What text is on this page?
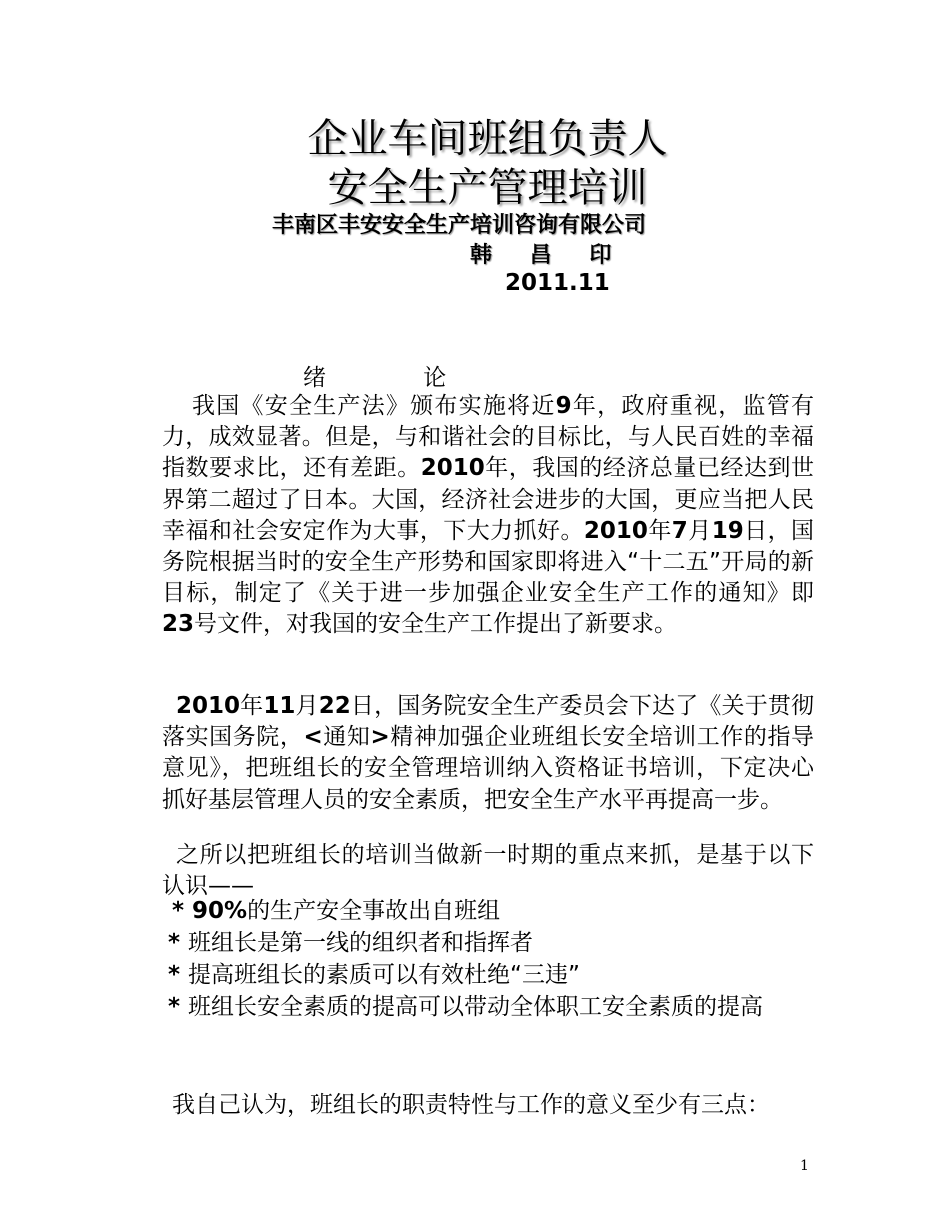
企业车间班组负责人
安全生产管理培训
丰南区丰安安全生产培训咨询有限公司
韩 昌 印
2011.11
绪 论
我国《安全生产法》颁布实施将近9年，政府重视，监管有力，成效显著。但是，与和谐社会的目标比，与人民百姓的幸福指数要求比，还有差距。2010年，我国的经济总量已经达到世界第二超过了日本。大国，经济社会进步的大国，更应当把人民幸福和社会安定作为大事，下大力抓好。2010年7月19日，国务院根据当时的安全生产形势和国家即将进入“十二五”开局的新目标，制定了《关于进一步加强企业安全生产工作的通知》即23号文件，对我国的安全生产工作提出了新要求。
2010年11月22日，国务院安全生产委员会下达了《关于贯彻落实国务院，<通知>精神加强企业班组长安全培训工作的指导意见》，把班组长的安全管理培训纳入资格证书培训，下定决心抓好基层管理人员的安全素质，把安全生产水平再提高一步。
之所以把班组长的培训当做新一时期的重点来抓，是基于以下认识——
* 90%的生产安全事故出自班组
* 班组长是第一线的组织者和指挥者
* 提高班组长的素质可以有效杜绝“三违”
* 班组长安全素质的提高可以带动全体职工安全素质的提高
我自己认为，班组长的职责特性与工作的意义至少有三点：
1
